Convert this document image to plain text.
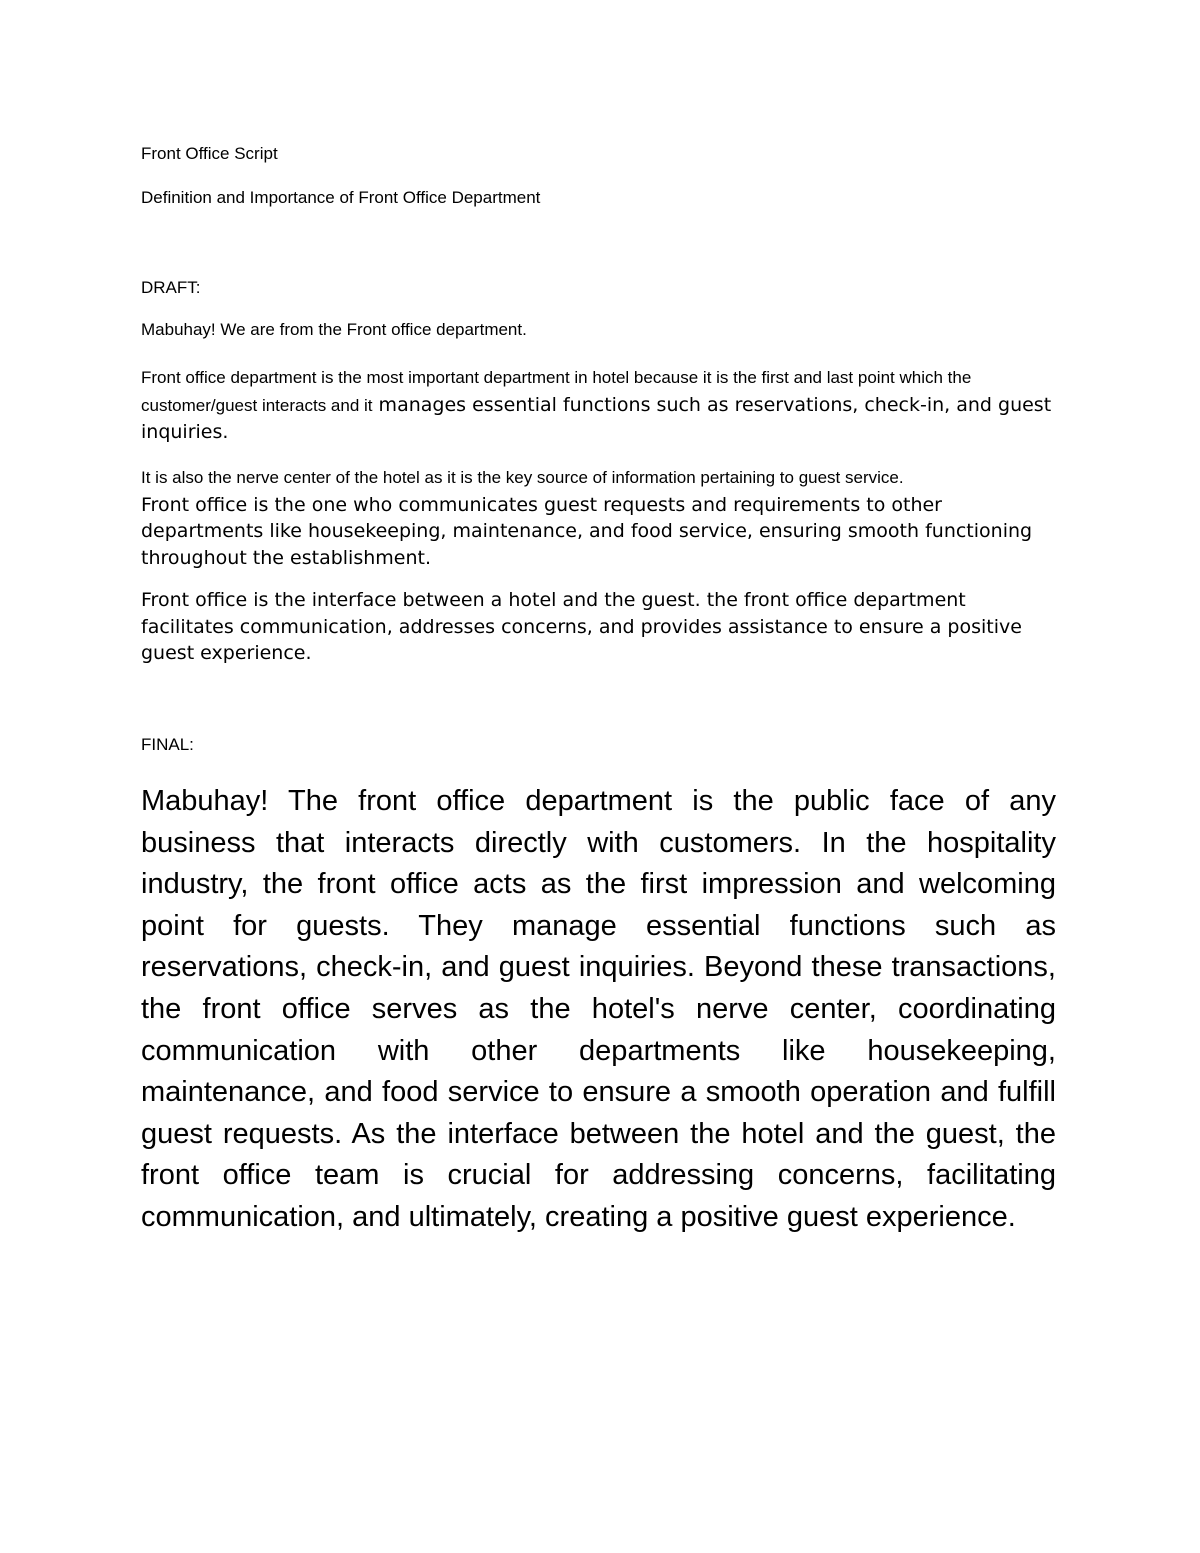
Front Office Script

Definition and Importance of Front Office Department

DRAFT:

Mabuhay! We are from the Front office department.

Front office department is the most important department in hotel because it is the first and last point which the customer/guest interacts and it manages essential functions such as reservations, check-in, and guest inquiries.

It is also the nerve center of the hotel as it is the key source of information pertaining to guest service.
Front office is the one who communicates guest requests and requirements to other departments like housekeeping, maintenance, and food service, ensuring smooth functioning throughout the establishment.

Front office is the interface between a hotel and the guest. the front office department facilitates communication, addresses concerns, and provides assistance to ensure a positive guest experience.

FINAL:

Mabuhay! The front office department is the public face of any business that interacts directly with customers. In the hospitality industry, the front office acts as the first impression and welcoming point for guests. They manage essential functions such as reservations, check-in, and guest inquiries. Beyond these transactions, the front office serves as the hotel's nerve center, coordinating communication with other departments like housekeeping, maintenance, and food service to ensure a smooth operation and fulfill guest requests. As the interface between the hotel and the guest, the front office team is crucial for addressing concerns, facilitating communication, and ultimately, creating a positive guest experience.
